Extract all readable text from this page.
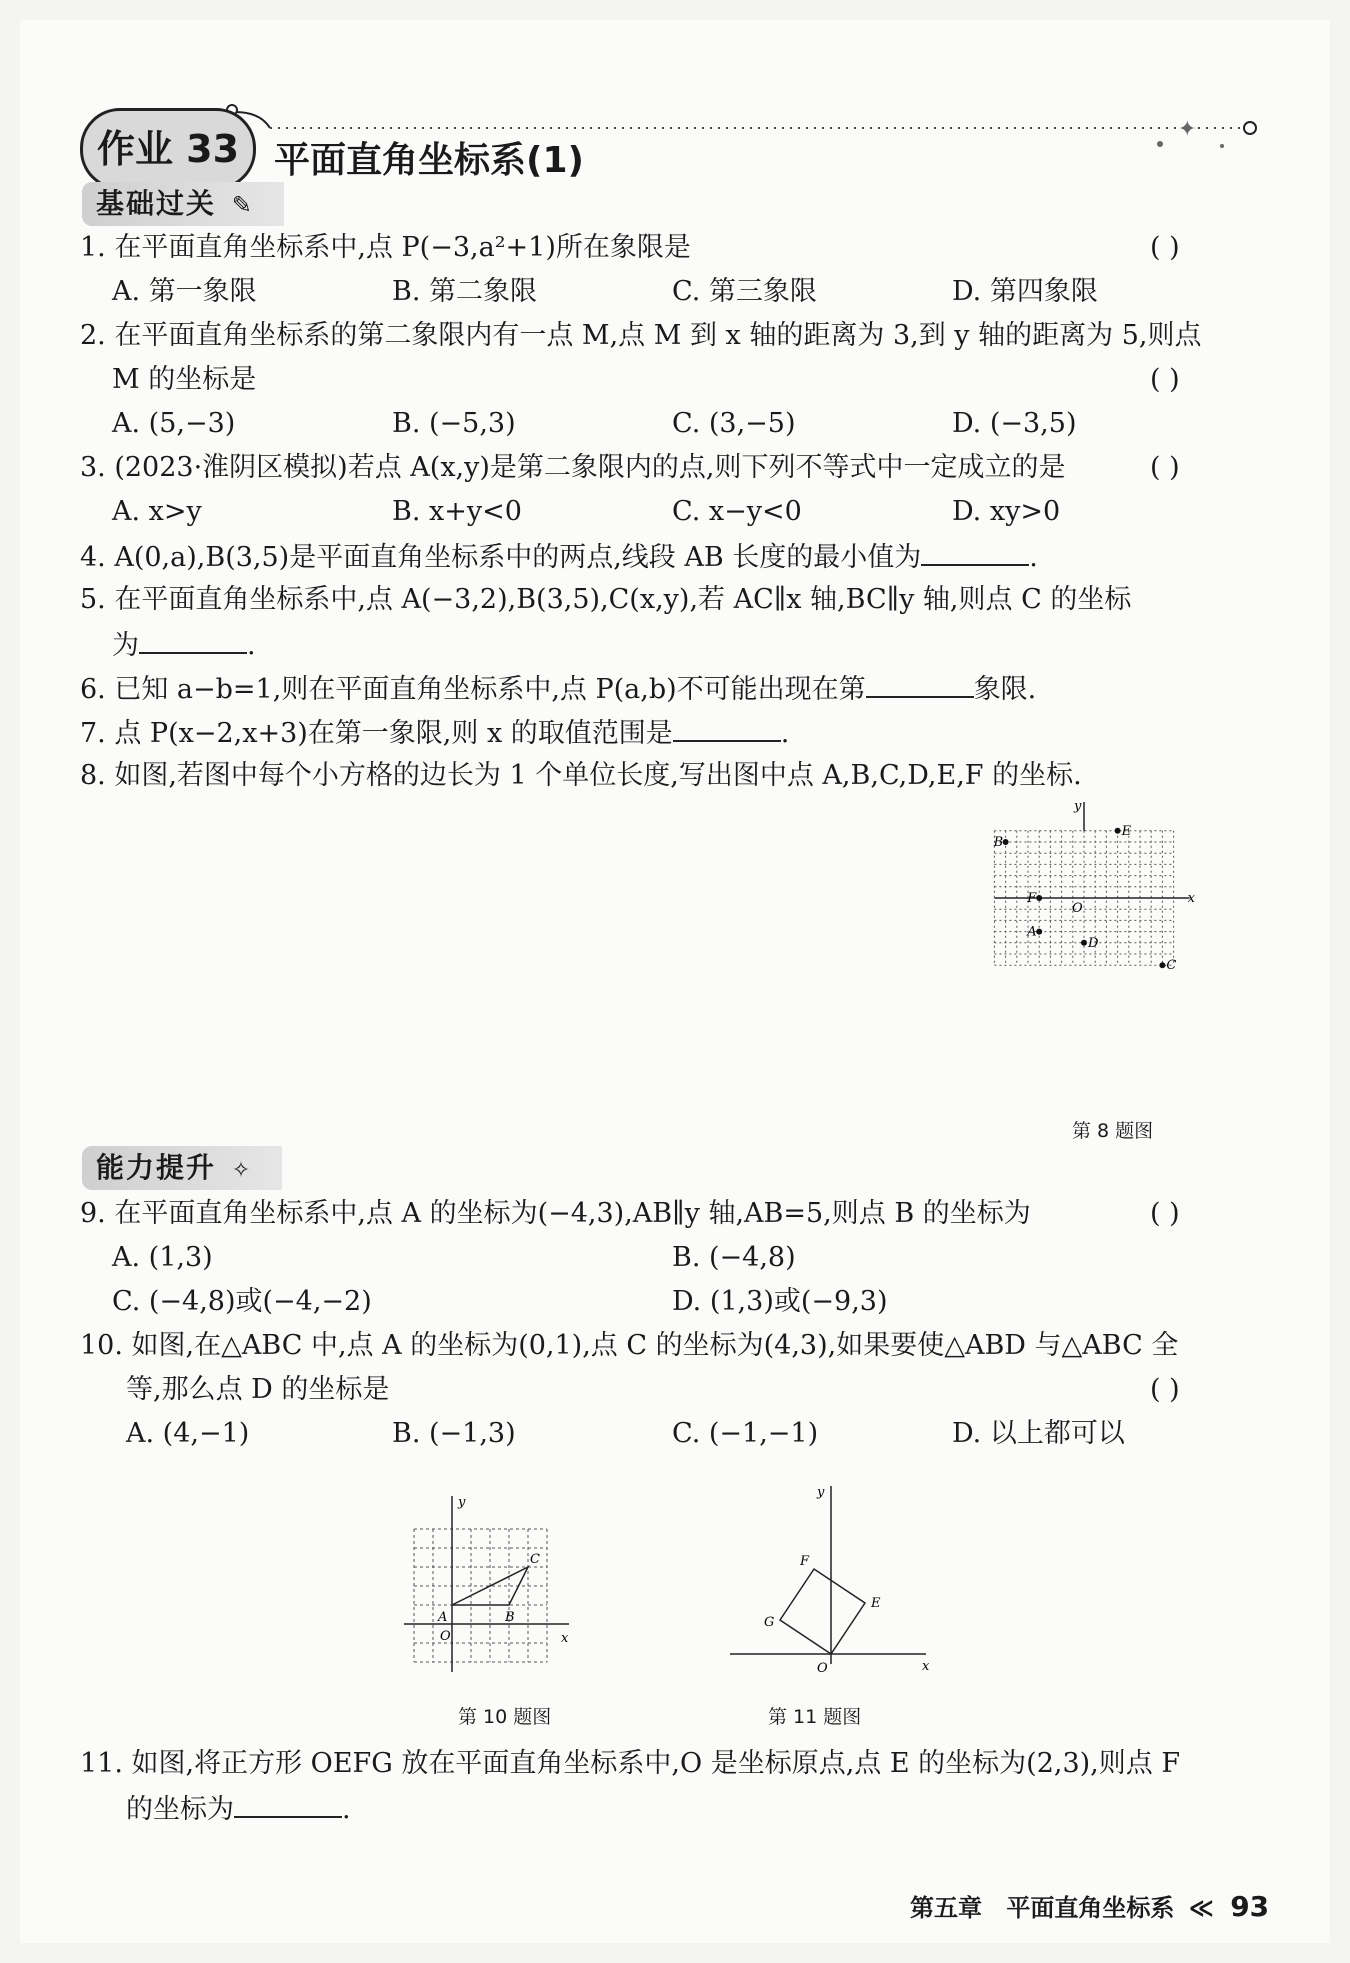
✦
作业 33 平面直角坐标系(1)
基础过关 ✎
1. 在平面直角坐标系中,点 P(−3,a²+1)所在象限是	( )
A. 第一象限	B. 第二象限	C. 第三象限	D. 第四象限
2. 在平面直角坐标系的第二象限内有一点 M,点 M 到 x 轴的距离为 3,到 y 轴的距离为 5,则点
M 的坐标是	( )
A. (5,−3)	B. (−5,3)	C. (3,−5)	D. (−3,5)
3. (2023·淮阴区模拟)若点 A(x,y)是第二象限内的点,则下列不等式中一定成立的是	( )
A. x>y	B. x+y<0	C. x−y<0	D. xy>0
4. A(0,a),B(3,5)是平面直角坐标系中的两点,线段 AB 长度的最小值为	.
5. 在平面直角坐标系中,点 A(−3,2),B(3,5),C(x,y),若 AC∥x 轴,BC∥y 轴,则点 C 的坐标
为	.
6. 已知 a−b=1,则在平面直角坐标系中,点 P(a,b)不可能出现在第	象限.
7. 点 P(x−2,x+3)在第一象限,则 x 的取值范围是	.
8. 如图,若图中每个小方格的边长为 1 个单位长度,写出图中点 A,B,C,D,E,F 的坐标.
x
y
O
A
B
C
D
E
F
第 8 题图
能力提升 ✧
9. 在平面直角坐标系中,点 A 的坐标为(−4,3),AB∥y 轴,AB=5,则点 B 的坐标为	( )
A. (1,3)	B. (−4,8)
C. (−4,8)或(−4,−2)	D. (1,3)或(−9,3)
10. 如图,在△ABC 中,点 A 的坐标为(0,1),点 C 的坐标为(4,3),如果要使△ABD 与△ABC 全
等,那么点 D 的坐标是	( )
A. (4,−1)	B. (−1,3)	C. (−1,−1)	D. 以上都可以
x
y
O
A	B
C
第 10 题图
x
y
O
E
F
G
第 11 题图
11. 如图,将正方形 OEFG 放在平面直角坐标系中,O 是坐标原点,点 E 的坐标为(2,3),则点 F
的坐标为	.
第五章 平面直角坐标系 ≪ 93
